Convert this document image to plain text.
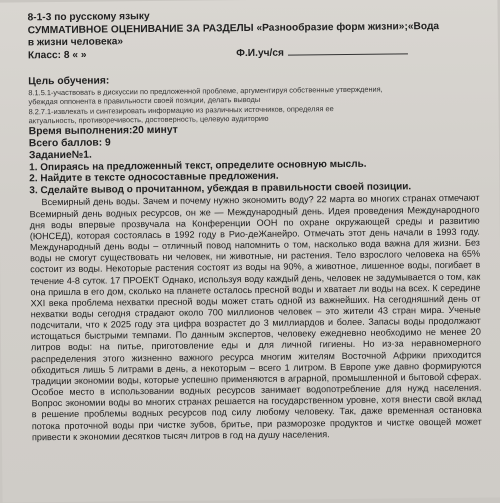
8-1-3 по русскому языку
СУММАТИВНОЕ ОЦЕНИВАНИЕ ЗА РАЗДЕЛЫ «Разнообразие форм жизни»;«Вода
в жизни человека»
Класс: 8 « »	Ф.И.уч/ся
Цель обучения:
8.1.5.1-участвовать в дискуссии по предложенной проблеме, аргументируя собственные утверждения,
убеждая оппонента в правильности своей позиции, делать выводы
8.2.7.1-извлекать и синтезировать информацию из различных источников, определяя ее
актуальность, противоречивость, достоверность, целевую аудиторию
Время выполнения:20 минут
Всего баллов: 9
Задание№1.
1. Опираясь на предложенный текст, определите основную мысль.
2. Найдите в тексте односоставные предложения.
3. Сделайте вывод о прочитанном, убеждая в правильности своей позиции.
Всемирный день воды. Зачем и почему нужно экономить воду? 22 марта во многих странах отмечают Всемирный день водных ресурсов, он же — Международный день. Идея проведения Международного дня воды впервые прозвучала на Конференции ООН по охране окружающей среды и развитию (ЮНСЕД), которая состоялась в 1992 году в Рио-деЖанейро. Отмечать этот день начали в 1993 году. Международный день воды – отличный повод напомнить о том, насколько вода важна для жизни. Без воды не смогут существовать ни человек, ни животные, ни растения. Тело взрослого человека на 65% состоит из воды. Некоторые растения состоят из воды на 90%, а животное, лишенное воды, погибает в течение 4-8 суток. 17 ПРОЕКТ Однако, используя воду каждый день, человек не задумывается о том, как она пришла в его дом, сколько на планете осталось пресной воды и хватает ли воды на всех. К середине XXI века проблема нехватки пресной воды может стать одной из важнейших. На сегодняшний день от нехватки воды сегодня страдают около 700 миллионов человек – это жители 43 стран мира. Ученые подсчитали, что к 2025 году эта цифра возрастет до 3 миллиардов и более. Запасы воды продолжают истощаться быстрыми темпами. По данным экспертов, человеку ежедневно необходимо не менее 20 литров воды: на питье, приготовление еды и для личной гигиены. Но из-за неравномерного распределения этого жизненно важного ресурса многим жителям Восточной Африки приходится обходиться лишь 5 литрами в день, а некоторым – всего 1 литром. В Европе уже давно формируются традиции экономии воды, которые успешно применяются в аграрной, промышленной и бытовой сферах. Особое место в использовании водных ресурсов занимает водопотребление для нужд населения. Вопрос экономии воды во многих странах решается на государственном уровне, хотя внести свой вклад в решение проблемы водных ресурсов под силу любому человеку. Так, даже временная остановка потока проточной воды при чистке зубов, бритье, при разморозке продуктов и чистке овощей может привести к экономии десятков тысяч литров в год на душу населения.
